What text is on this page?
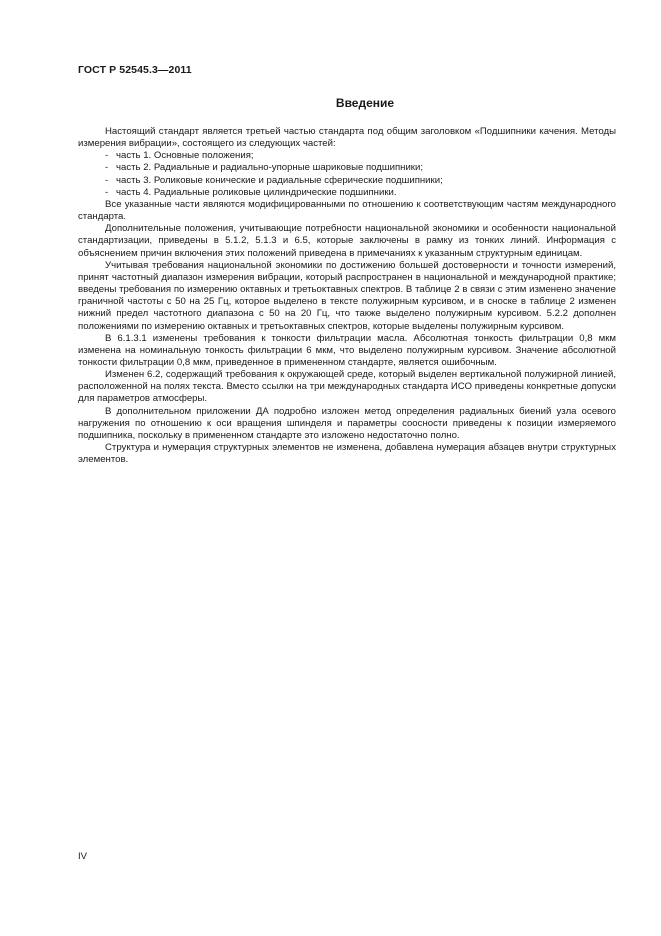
ГОСТ Р 52545.3—2011
Введение

Настоящий стандарт является третьей частью стандарта под общим заголовком «Подшипники качения. Методы измерения вибрации», состоящего из следующих частей:

- часть 1. Основные положения;
- часть 2. Радиальные и радиально-упорные шариковые подшипники;
- часть 3. Роликовые конические и радиальные сферические подшипники;
- часть 4. Радиальные роликовые цилиндрические подшипники.

Все указанные части являются модифицированными по отношению к соответствующим частям международного стандарта.

Дополнительные положения, учитывающие потребности национальной экономики и особенности национальной стандартизации, приведены в 5.1.2, 5.1.3 и 6.5, которые заключены в рамку из тонких линий. Информация с объяснением причин включения этих положений приведена в примечаниях к указанным структурным единицам.

Учитывая требования национальной экономики по достижению большей достоверности и точности измерений, принят частотный диапазон измерения вибрации, который распространен в национальной и международной практике; введены требования по измерению октавных и третьоктавных спектров. В таблице 2 в связи с этим изменено значение граничной частоты с 50 на 25 Гц, которое выделено в тексте полужирным курсивом, и в сноске в таблице 2 изменен нижний предел частотного диапазона с 50 на 20 Гц, что также выделено полужирным курсивом. 5.2.2 дополнен положениями по измерению октавных и третьоктавных спектров, которые выделены полужирным курсивом.

В 6.1.3.1 изменены требования к тонкости фильтрации масла. Абсолютная тонкость фильтрации 0,8 мкм изменена на номинальную тонкость фильтрации 6 мкм, что выделено полужирным курсивом. Значение абсолютной тонкости фильтрации 0,8 мкм, приведенное в примененном стандарте, является ошибочным.

Изменен 6.2, содержащий требования к окружающей среде, который выделен вертикальной полужирной линией, расположенной на полях текста. Вместо ссылки на три международных стандарта ИСО приведены конкретные допуски для параметров атмосферы.

В дополнительном приложении ДА подробно изложен метод определения радиальных биений узла осевого нагружения по отношению к оси вращения шпинделя и параметры соосности приведены к позиции измеряемого подшипника, поскольку в примененном стандарте это изложено недостаточно полно.

Структура и нумерация структурных элементов не изменена, добавлена нумерация абзацев внутри структурных элементов.

IV
